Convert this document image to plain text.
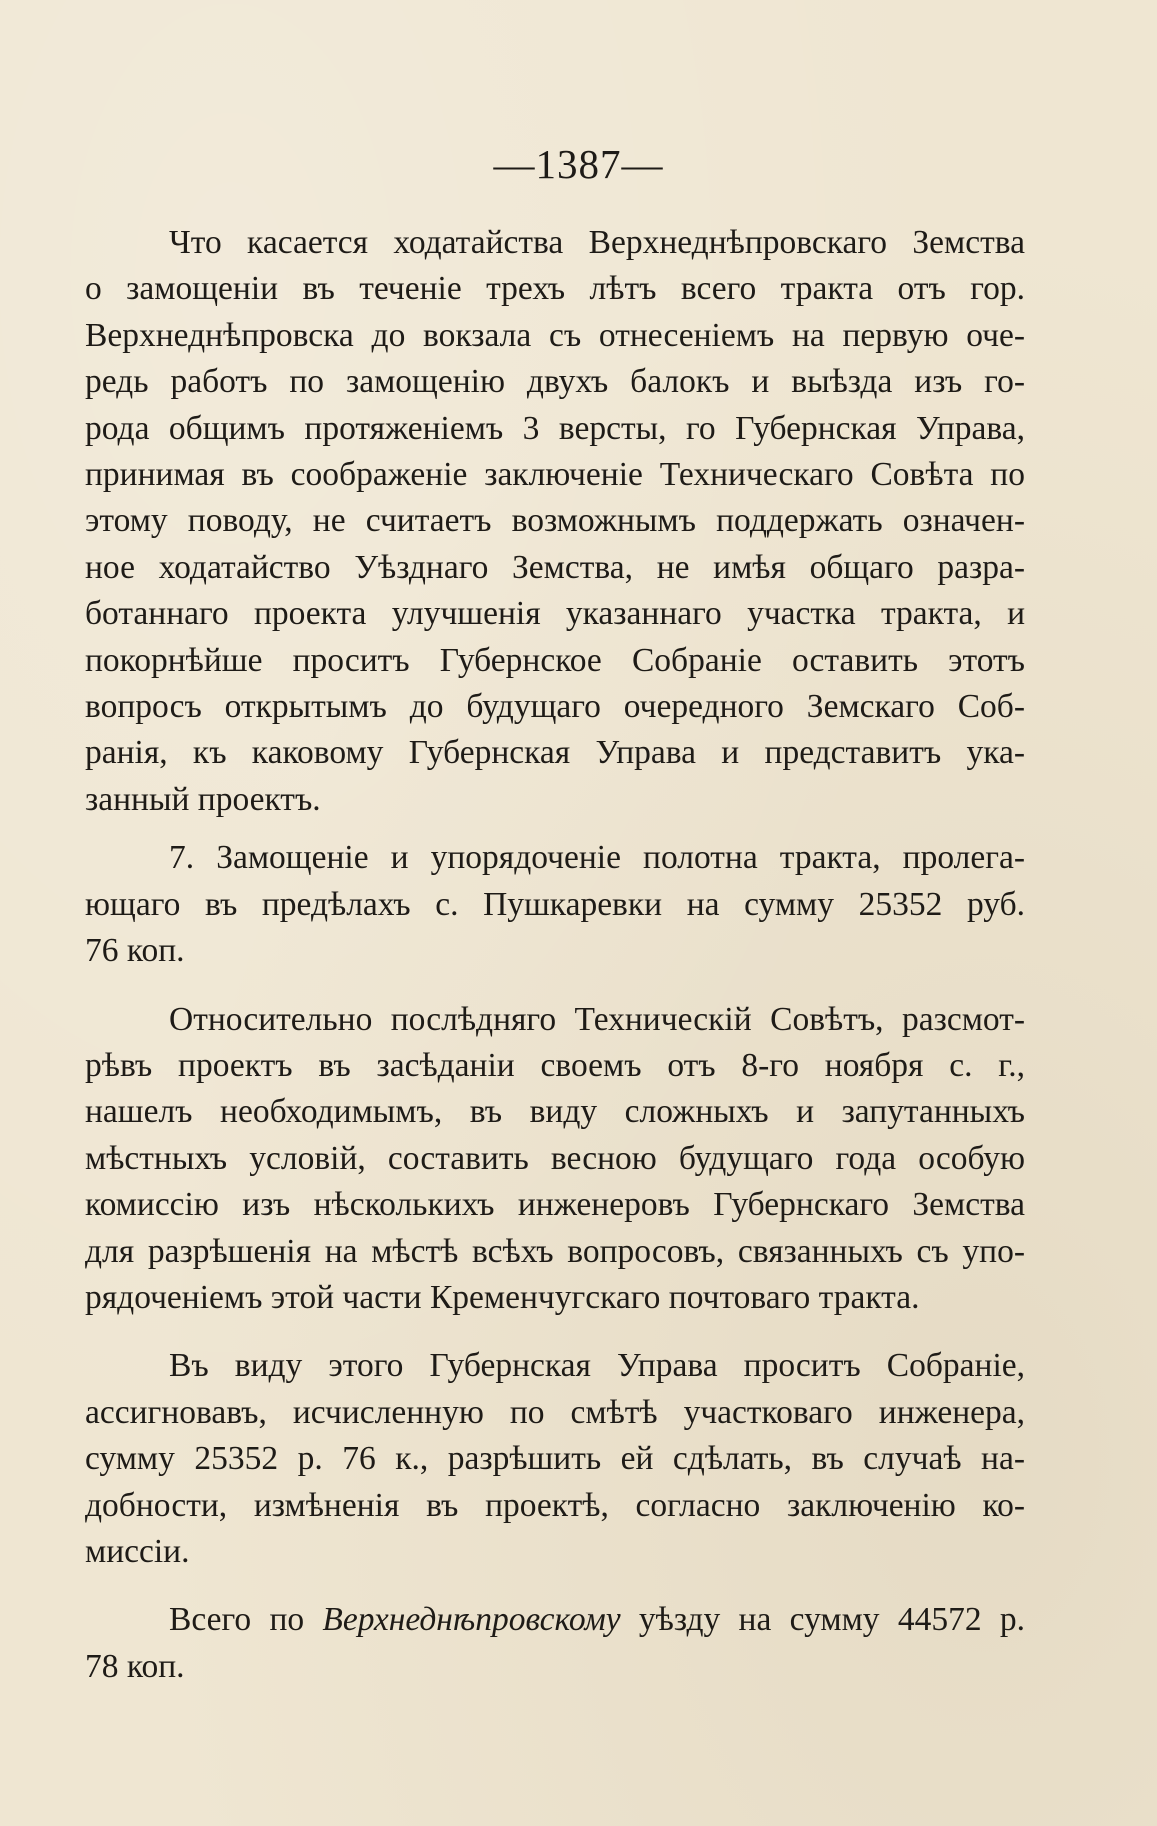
—1387—

Что касается ходатайства Верхнеднѣпровскаго Земства
о замощеніи въ теченіе трехъ лѣтъ всего тракта отъ гор.
Верхнеднѣпровска до вокзала съ отнесеніемъ на первую оче-
редь работъ по замощенію двухъ балокъ и выѣзда изъ го-
рода общимъ протяженіемъ 3 версты, го Губернская Управа,
принимая въ соображеніе заключеніе Техническаго Совѣта по
этому поводу, не считаетъ возможнымъ поддержать означен-
ное ходатайство Уѣзднаго Земства, не имѣя общаго разра-
ботаннаго проекта улучшенія указаннаго участка тракта, и
покорнѣйше проситъ Губернское Собраніе оставить этотъ
вопросъ открытымъ до будущаго очередного Земскаго Соб-
ранія, къ каковому Губернская Управа и представитъ ука-
занный проектъ.

7. Замощеніе и упорядоченіе полотна тракта, пролега-
ющаго въ предѣлахъ с. Пушкаревки на сумму 25352 руб.
76 коп.

Относительно послѣдняго Техническій Совѣтъ, разсмот-
рѣвъ проектъ въ засѣданіи своемъ отъ 8-го ноября с. г.,
нашелъ необходимымъ, въ виду сложныхъ и запутанныхъ
мѣстныхъ условій, составить весною будущаго года особую
комиссію изъ нѣсколькихъ инженеровъ Губернскаго Земства
для разрѣшенія на мѣстѣ всѣхъ вопросовъ, связанныхъ съ упо-
рядоченіемъ этой части Кременчугскаго почтоваго тракта.

Въ виду этого Губернская Управа проситъ Собраніе,
ассигновавъ, исчисленную по смѣтѣ участковаго инженера,
сумму 25352 р. 76 к., разрѣшить ей сдѣлать, въ случаѣ на-
добности, измѣненія въ проектѣ, согласно заключенію ко-
миссіи.

Всего по Верхнеднѣпровскому уѣзду на сумму 44572 р.
78 коп.
